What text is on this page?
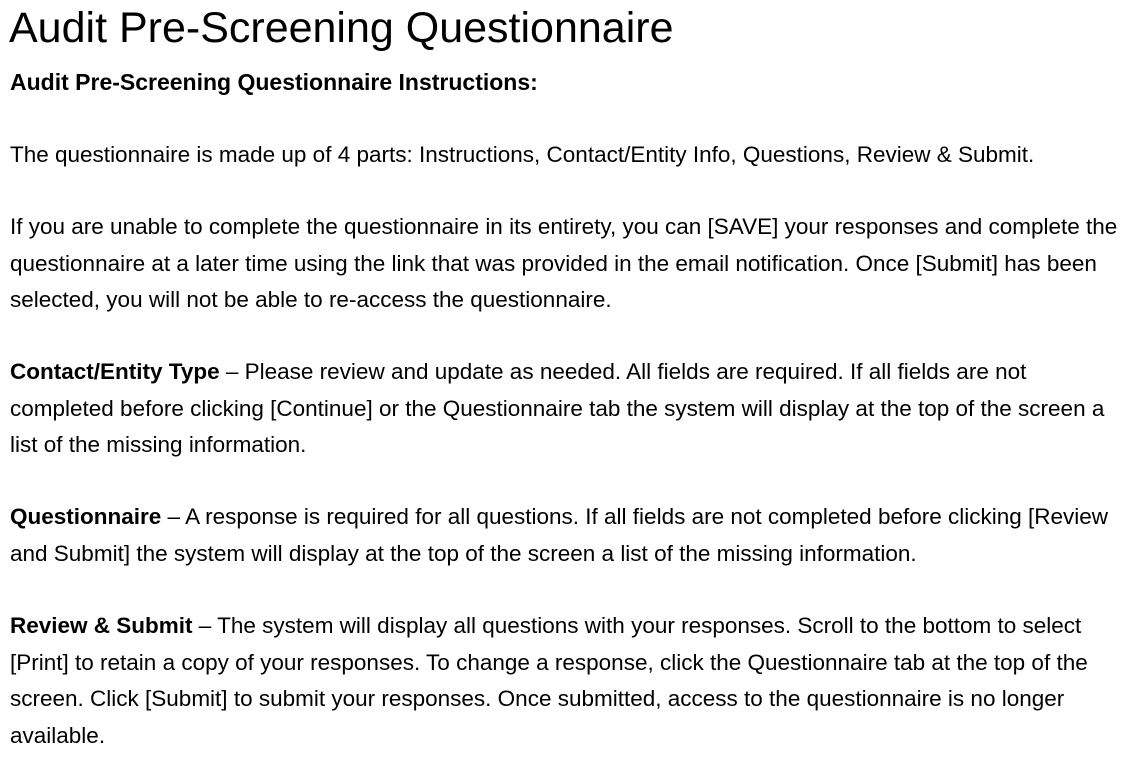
Audit Pre-Screening Questionnaire
Audit Pre-Screening Questionnaire Instructions:

The questionnaire is made up of 4 parts: Instructions, Contact/Entity Info, Questions, Review & Submit.

If you are unable to complete the questionnaire in its entirety, you can [SAVE] your responses and complete the questionnaire at a later time using the link that was provided in the email notification. Once [Submit] has been selected, you will not be able to re-access the questionnaire.

Contact/Entity Type – Please review and update as needed. All fields are required. If all fields are not completed before clicking [Continue] or the Questionnaire tab the system will display at the top of the screen a list of the missing information.

Questionnaire – A response is required for all questions. If all fields are not completed before clicking [Review and Submit] the system will display at the top of the screen a list of the missing information.

Review & Submit – The system will display all questions with your responses. Scroll to the bottom to select [Print] to retain a copy of your responses. To change a response, click the Questionnaire tab at the top of the screen. Click [Submit] to submit your responses. Once submitted, access to the questionnaire is no longer available.
